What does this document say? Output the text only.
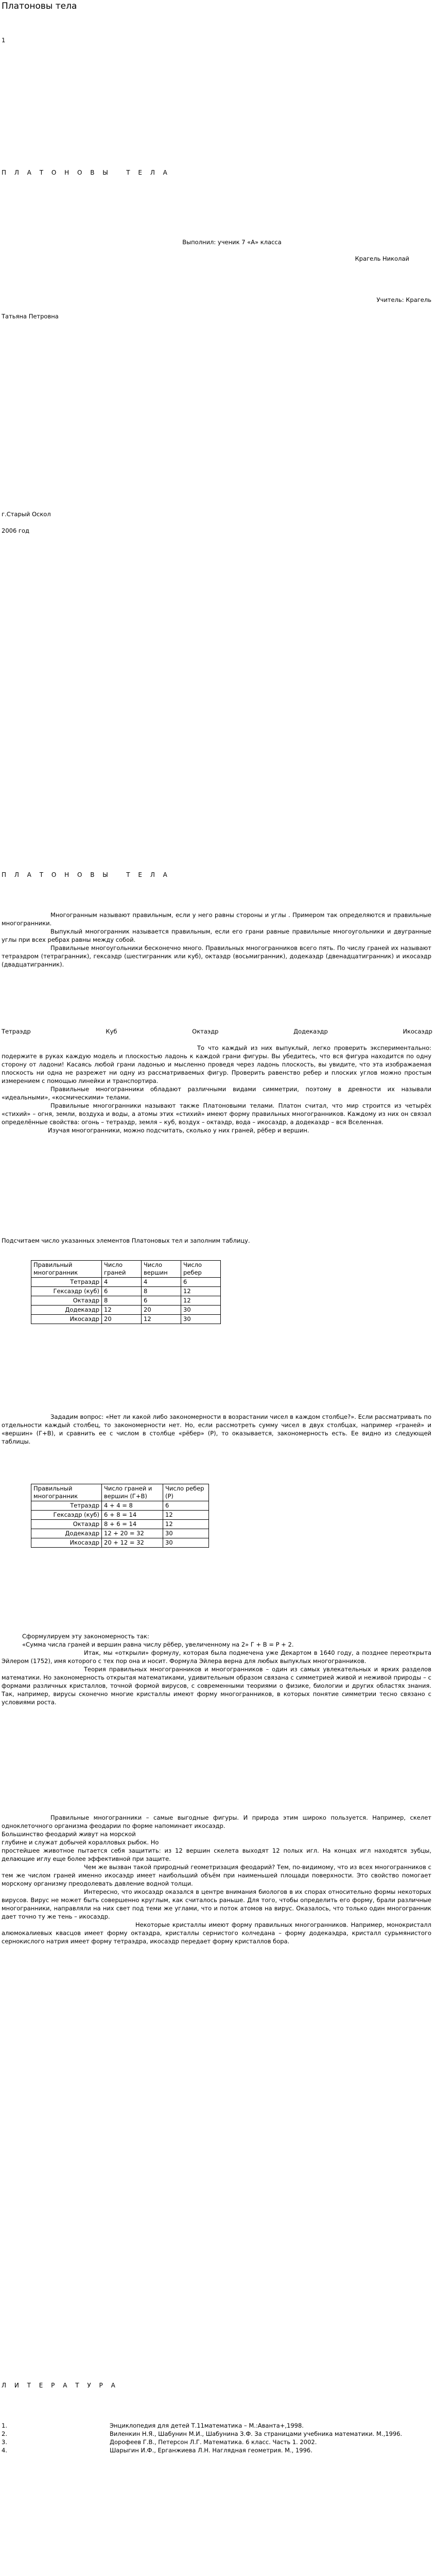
Платоновы тела
1
П Л А Т О Н О В Ы   Т Е Л А
Выполнил: ученик 7 «А» класса
Крагель Николай
Учитель: Крагель
Татьяна Петровна
г.Старый Оскол
2006 год
П Л А Т О Н О В Ы   Т Е Л А

Многогранным называют правильным, если у него равны стороны и углы . Примером так определяются и правильные многогранники.

Выпуклый многогранник называется правильным, если его грани равные правильные многоугольники и двугранные углы при всех ребрах равны между собой.

Правильные многоугольники бесконечно много. Правильных многогранников всего пять. По числу граней их называют тетраэдром (тетрагранник), гексаэдр (шестигранник или куб), октаэдр (восьмигранник), додекаэдр (двенадцатигранник) и икосаэдр (двадцатигранник).

Тетраэдр	Куб	Октаэдр	Додекаэдр	Икосаэдр

То что каждый из них выпуклый, легко проверить экспериментально: подержите в руках каждую модель и плоскостью ладонь к каждой грани фигуры. Вы убедитесь, что вся фигура находится по одну сторону от ладони! Касаясь любой грани ладонью и мысленно проведя через ладонь плоскость, вы увидите, что эта изображаемая плоскость ни одна не разрежет ни одну из рассматриваемых фигур. Проверить равенство ребер и плоских углов можно простым измерением с помощью линейки и транспортира.

Правильные многогранники обладают различными видами симметрии, поэтому в древности их называли «идеальными», «космическими» телами.

Правильные многогранники называют также Платоновыми телами. Платон считал, что мир строится из четырёх «стихий» – огня, земли, воздуха и воды, а атомы этих «стихий» имеют форму правильных многогранников. Каждому из них он связал определённые свойства: огонь – тетраэдр, земля – куб, воздух – октаэдр, вода – икосаэдр, а додекаэдр – вся Вселенная.

Изучая многогранники, можно подсчитать, сколько у них граней, рёбер и вершин.

Подсчитаем число указанных элементов Платоновых тел и заполним таблицу.
Правильный многогранник	Число граней	Число вершин	Число ребер
Тетраэдр	4	4	6
Гексаэдр (куб)	6	8	12
Октаэдр	8	6	12
Додекаэдр	12	20	30
Икосаэдр	20	12	30

Зададим вопрос: «Нет ли какой либо закономерности в возрастании чисел в каждом столбце?». Если рассматривать по отдельности каждый столбец, то закономерности нет. Но, если рассмотреть сумму чисел в двух столбцах, например «граней» и «вершин» (Г+В), и сравнить ее с числом в столбце «рёбер» (Р), то оказывается, закономерность есть. Ее видно из следующей таблицы.

Правильный многогранник	Число граней и вершин (Г+В)	Число ребер (Р)
Тетраэдр	4 + 4 = 8	6
Гексаэдр (куб)	6 + 8 = 14	12
Октаэдр	8 + 6 = 14	12
Додекаэдр	12 + 20 = 32	30
Икосаэдр	20 + 12 = 32	30

Сформулируем эту закономерность так:

«Сумма числа граней и вершин равна числу рёбер, увеличенному на 2» Г + В = Р + 2.

Итак, мы «открыли» формулу, которая была подмечена уже Декартом в 1640 году, а позднее переоткрыта Эйлером (1752), имя которого с тех пор она и носит. Формула Эйлера верна для любых выпуклых многогранников.

Теория правильных многогранников и многогранников – один из самых увлекательных и ярких разделов математики. Но закономерность открытая математиками, удивительным образом связана с симметрией живой и неживой природы – с формами различных кристаллов, точной формой вирусов, с современными теориями о физике, биологии и других областях знания. Так, например, вирусы сконечно многие кристаллы имеют форму многогранников, в которых понятие симметрии тесно связано с условиями роста.

Правильные многогранники – самые выгодные фигуры. И природа этим широко пользуется. Например, скелет одноклеточного организма феодарии по форме напоминает икосаэдр.

Большинство феодарий живут на морской

глубине и служат добычей коралловых рыбок. Но

простейшее животное пытается себя защитить: из 12 вершин скелета выходят 12 полых игл. На концах игл находятся зубцы, делающие иглу еще более эффективной при защите.

Чем же вызван такой природный геометризация феодарий? Тем, по-видимому, что из всех многогранников с тем же числом граней именно икосаэдр имеет наибольший объём при наименьшей площади поверхности. Это свойство помогает морскому организму преодолевать давление водной толщи.

Интересно, что икосаэдр оказался в центре внимания биологов в их спорах относительно формы некоторых вирусов. Вирус не может быть совершенно круглым, как считалось раньше. Для того, чтобы определить его форму, брали различные многогранники, направляли на них свет под теми же углами, что и поток атомов на вирус. Оказалось, что только один многогранник дает точно ту же тень – икосаэдр.

Некоторые кристаллы имеют форму правильных многогранников. Например, монокристалл алюмокалиевых квасцов имеет форму октаэдра, кристаллы сернистого колчедана – форму додекаэдра, кристалл сурьмянистого сернокислого натрия имеет форму тетраэдра, икосаэдр передает форму кристаллов бора.

Л И Т Е Р А Т У Р А
1.	Энциклопедия для детей Т.11математика – М.:Аванта+,1998.
2.	Виленкин Н.Я., Шабунин М.И., Шабунина З.Ф. За страницами учебника математики. М.,1996.
3.	Дорофеев Г.В., Петерсон Л.Г. Математика. 6 класс. Часть 1. 2002.
4.	Шарыгин И.Ф., Ерганжиева Л.Н. Наглядная геометрия. М., 1996.
